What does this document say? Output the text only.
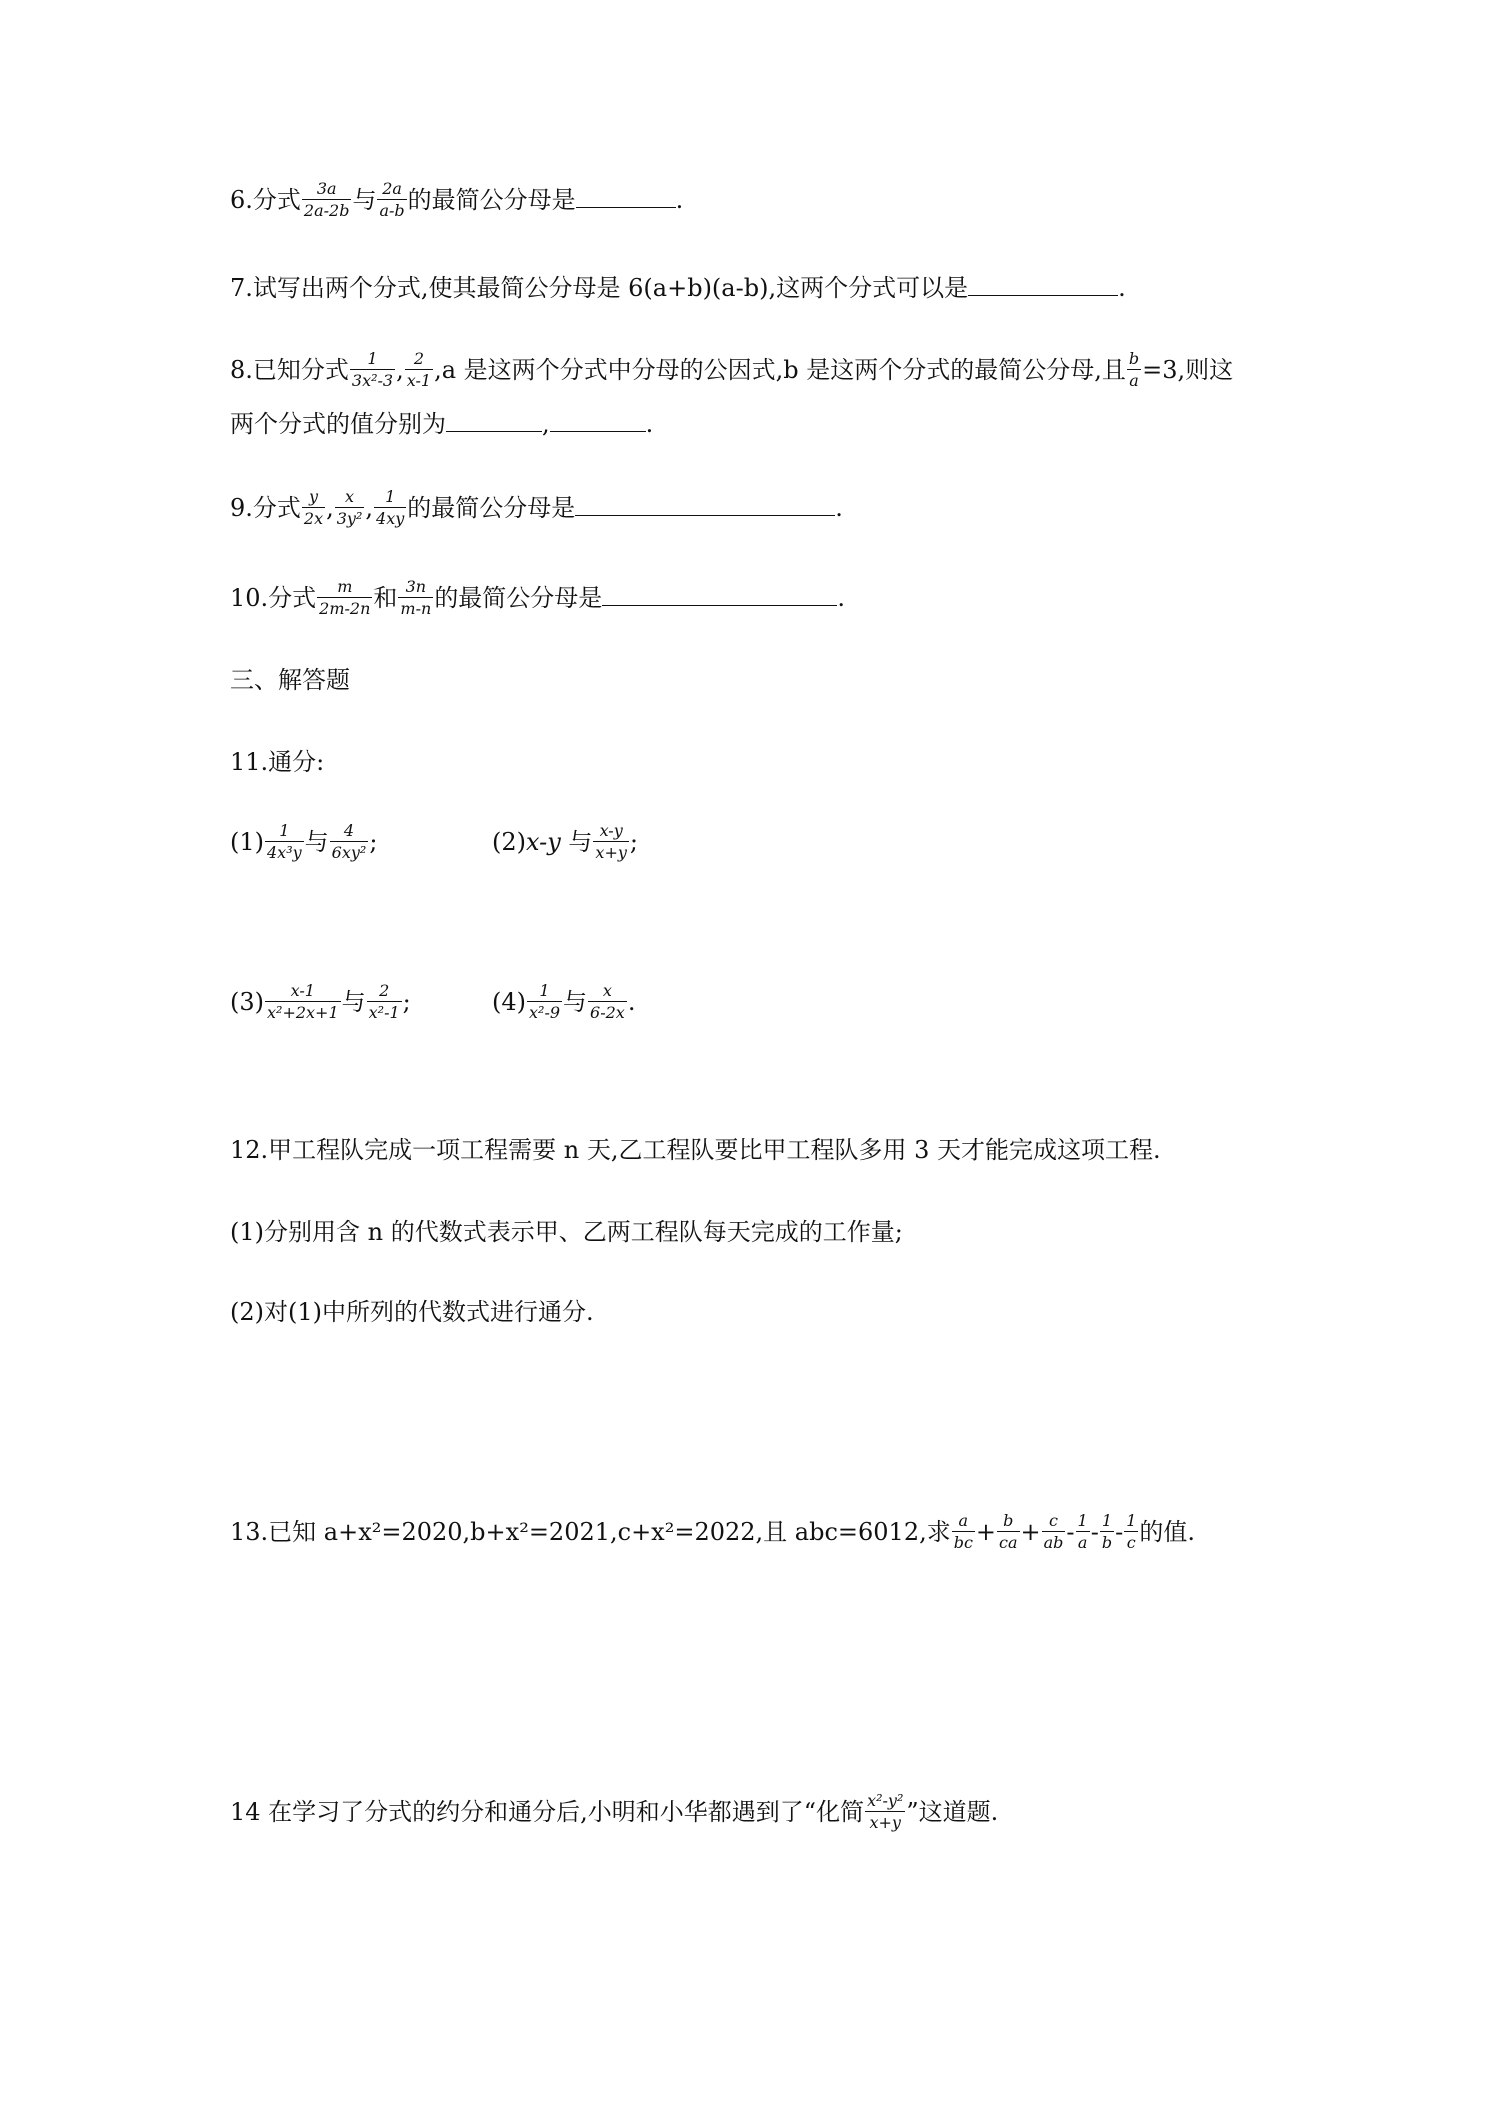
6.分式 $\frac{3a}{2a-2b}$ 与 $\frac{2a}{a-b}$ 的最简公分母是	.
7.试写出两个分式,使其最简公分母是 6(a+b)(a-b),这两个分式可以是	.
8.已知分式 $\frac{1}{\text{3x²-3}}$ , $\frac{2}{x-1} ,a$ 是这两个分式中分母的公因式,b 是这两个分式的最简公分母,且 $\frac{b}{a} =3$,则这
两个分式的值分别为	,	.
9.分式 $\frac{y}{2x}$ , $\frac{x}{\text{3y²}}$ , $\frac{1}{4xy}$ 的最简公分母是	.
10.分式 $\frac{m}{2m-2n}$ 和 $\frac{3n}{m-n}$ 的最简公分母是	.
三、解答题
11.通分:
$(1) \frac{1}{\text{4x³y}}$ 与 $\frac{4}{\text{6xy²}}$ ;	(2)x-y 与 $\frac{x-y}{x+y}$ ;
$(3) \frac{x-1}{\text{x²+2x+1}}$ 与 $\frac{2}{\text{x²-1}}$ ;	$(4) \frac{1}{\text{x²-9}}$ 与 $\frac{x}{6-2x}$ .
12.甲工程队完成一项工程需要 n 天,乙工程队要比甲工程队多用 3 天才能完成这项工程.
(1)分别用含 n 的代数式表示甲、乙两工程队每天完成的工作量;
(2)对(1)中所列的代数式进行通分.
13.已知 a+x²=2020,b+x²=2021,c+x²=2022,且 abc=6012,求 $\frac{a}{bc} + \frac{b}{ca} + \frac{c}{ab} - \frac{1}{a} - \frac{1}{b} - \frac{1}{c}$ 的值.
14 在学习了分式的约分和通分后,小明和小华都遇到了“化简 $\frac{\text{x²-y²}}{x+y}$ ”这道题.
